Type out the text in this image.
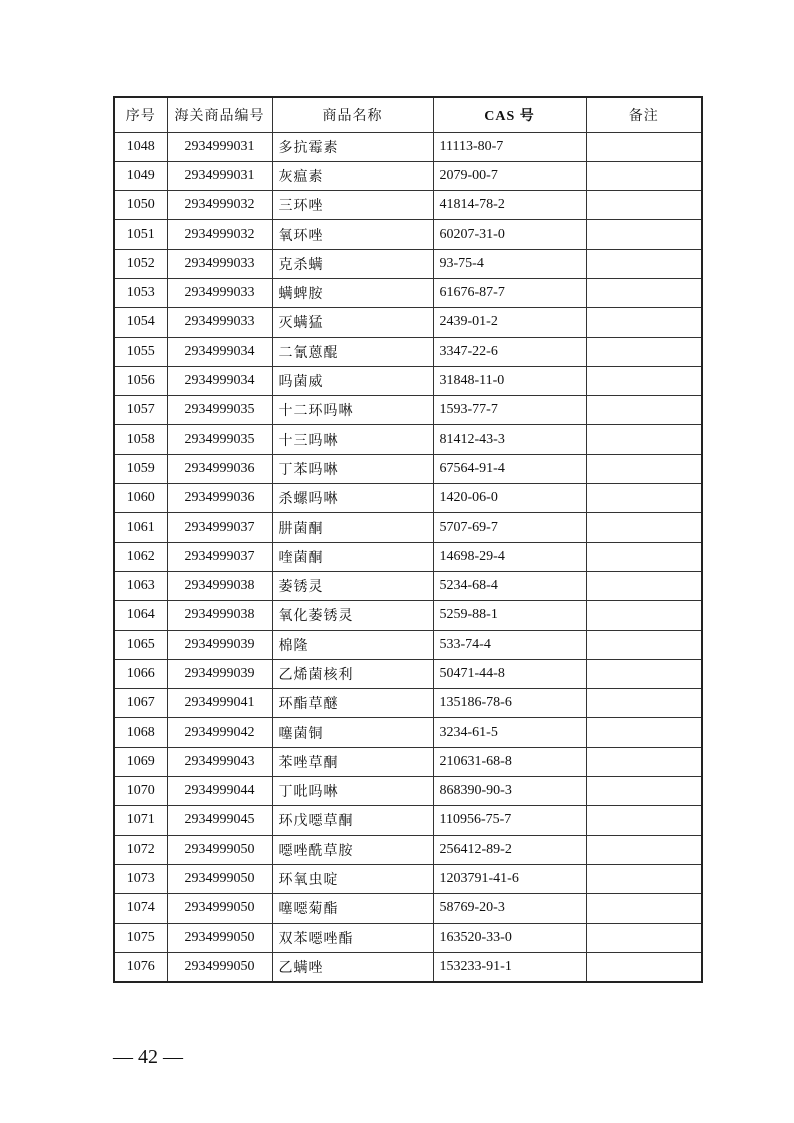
序号	海关商品编号	商品名称	CAS 号	备注
1048	2934999031	多抗霉素	11113-80-7	
1049	2934999031	灰瘟素	2079-00-7	
1050	2934999032	三环唑	41814-78-2	
1051	2934999032	氧环唑	60207-31-0	
1052	2934999033	克杀螨	93-75-4	
1053	2934999033	螨蜱胺	61676-87-7	
1054	2934999033	灭螨猛	2439-01-2	
1055	2934999034	二氰蒽醌	3347-22-6	
1056	2934999034	吗菌威	31848-11-0	
1057	2934999035	十二环吗啉	1593-77-7	
1058	2934999035	十三吗啉	81412-43-3	
1059	2934999036	丁苯吗啉	67564-91-4	
1060	2934999036	杀螺吗啉	1420-06-0	
1061	2934999037	肼菌酮	5707-69-7	
1062	2934999037	喹菌酮	14698-29-4	
1063	2934999038	萎锈灵	5234-68-4	
1064	2934999038	氧化萎锈灵	5259-88-1	
1065	2934999039	棉隆	533-74-4	
1066	2934999039	乙烯菌核利	50471-44-8	
1067	2934999041	环酯草醚	135186-78-6	
1068	2934999042	噻菌铜	3234-61-5	
1069	2934999043	苯唑草酮	210631-68-8	
1070	2934999044	丁吡吗啉	868390-90-3	
1071	2934999045	环戊噁草酮	110956-75-7	
1072	2934999050	噁唑酰草胺	256412-89-2	
1073	2934999050	环氧虫啶	1203791-41-6	
1074	2934999050	噻噁菊酯	58769-20-3	
1075	2934999050	双苯噁唑酯	163520-33-0	
1076	2934999050	乙螨唑	153233-91-1	
— 42 —
